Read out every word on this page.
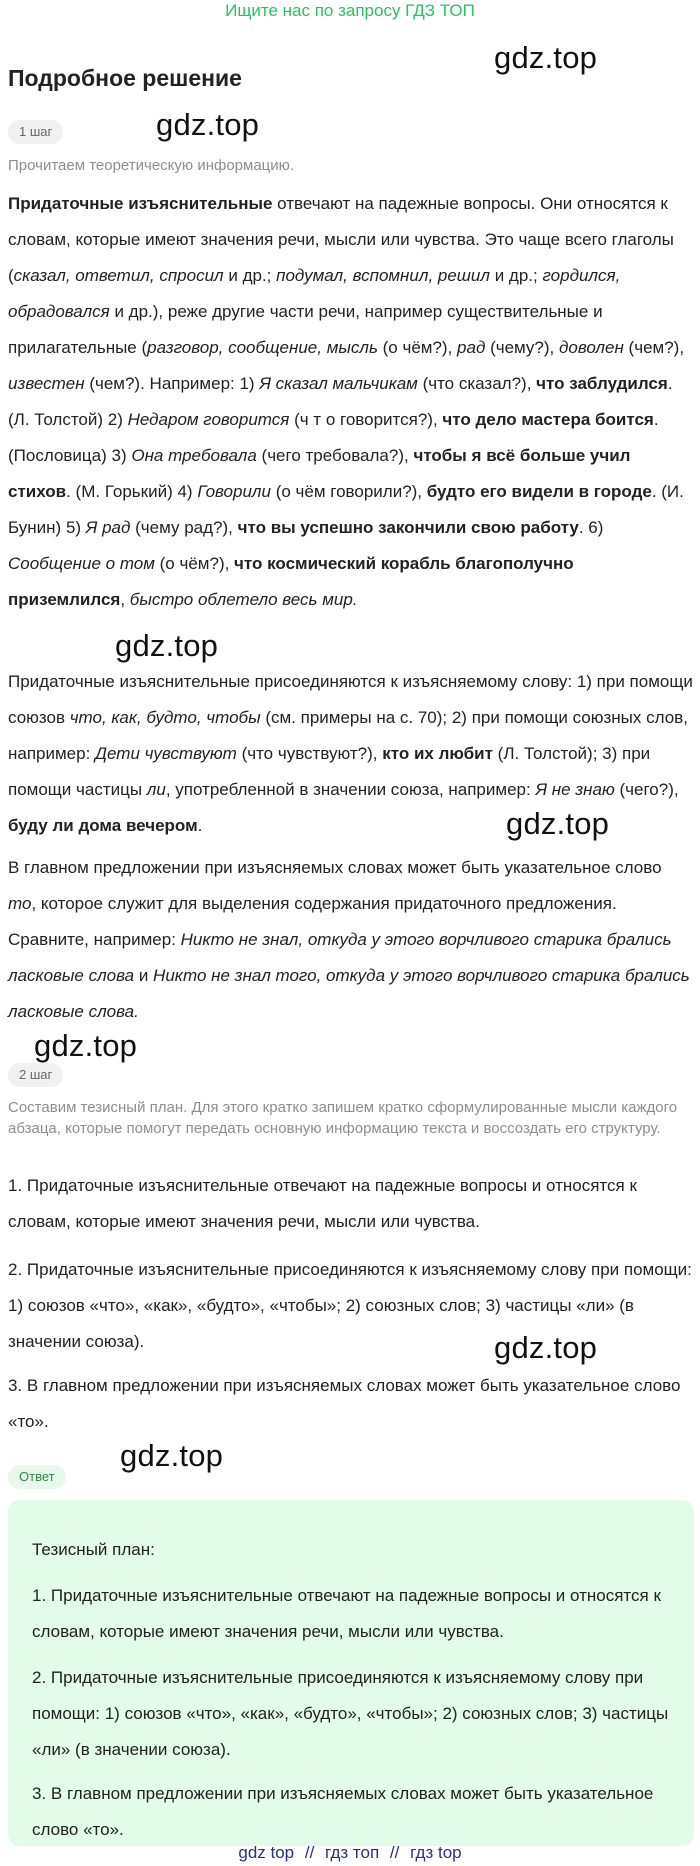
Ищите нас по запросу ГДЗ ТОП
gdz.top
gdz.top
gdz.top
gdz.top
gdz.top
gdz.top
gdz.top
Подробное решение
1 шаг
Прочитаем теоретическую информацию.
Придаточные изъяснительные отвечают на падежные вопросы. Они относятся к словам, которые имеют значения речи, мысли или чувства. Это чаще всего глаголы (сказал, ответил, спросил и др.; подумал, вспомнил, решил и др.; гордился, обрадовался и др.), реже другие части речи, например существительные и прилагательные (разговор, сообщение, мысль (о чём?), рад (чему?), доволен (чем?), известен (чем?). Например: 1) Я сказал мальчикам (что сказал?), что заблудился. (Л. Толстой) 2) Недаром говорится (ч т о говорится?), что дело мастера боится. (Пословица) 3) Она требовала (чего требовала?), чтобы я всё больше учил стихов. (М. Горький) 4) Говорили (о чём говорили?), будто его видели в городе. (И. Бунин) 5) Я рад (чему рад?), что вы успешно закончили свою работу. 6) Сообщение о том (о чём?), что космический корабль благополучно приземлился, быстро облетело весь мир.
Придаточные изъяснительные присоединяются к изъясняемому слову: 1) при помощи союзов что, как, будто, чтобы (см. примеры на с. 70); 2) при помощи союзных слов, например: Дети чувствуют (что чувствуют?), кто их любит (Л. Толстой); 3) при помощи частицы ли, употребленной в значении союза, например: Я не знаю (чего?), буду ли дома вечером.
В главном предложении при изъясняемых словах может быть указательное слово то, которое служит для выделения содержания придаточного предложения. Сравните, например: Никто не знал, откуда у этого ворчливого старика брались ласковые слова и Никто не знал того, откуда у этого ворчливого старика брались ласковые слова.
2 шаг
Составим тезисный план. Для этого кратко запишем кратко сформулированные мысли каждого абзаца, которые помогут передать основную информацию текста и воссоздать его структуру.
1. Придаточные изъяснительные отвечают на падежные вопросы и относятся к словам, которые имеют значения речи, мысли или чувства.
2. Придаточные изъяснительные присоединяются к изъясняемому слову при помощи: 1) союзов «что», «как», «будто», «чтобы»; 2) союзных слов; 3) частицы «ли» (в значении союза).
3. В главном предложении при изъясняемых словах может быть указательное слово «то».
Ответ
Тезисный план:
1. Придаточные изъяснительные отвечают на падежные вопросы и относятся к словам, которые имеют значения речи, мысли или чувства.
2. Придаточные изъяснительные присоединяются к изъясняемому слову при помощи: 1) союзов «что», «как», «будто», «чтобы»; 2) союзных слов; 3) частицы «ли» (в значении союза).
3. В главном предложении при изъясняемых словах может быть указательное слово «то».
gdz top // гдз топ // гдз top
